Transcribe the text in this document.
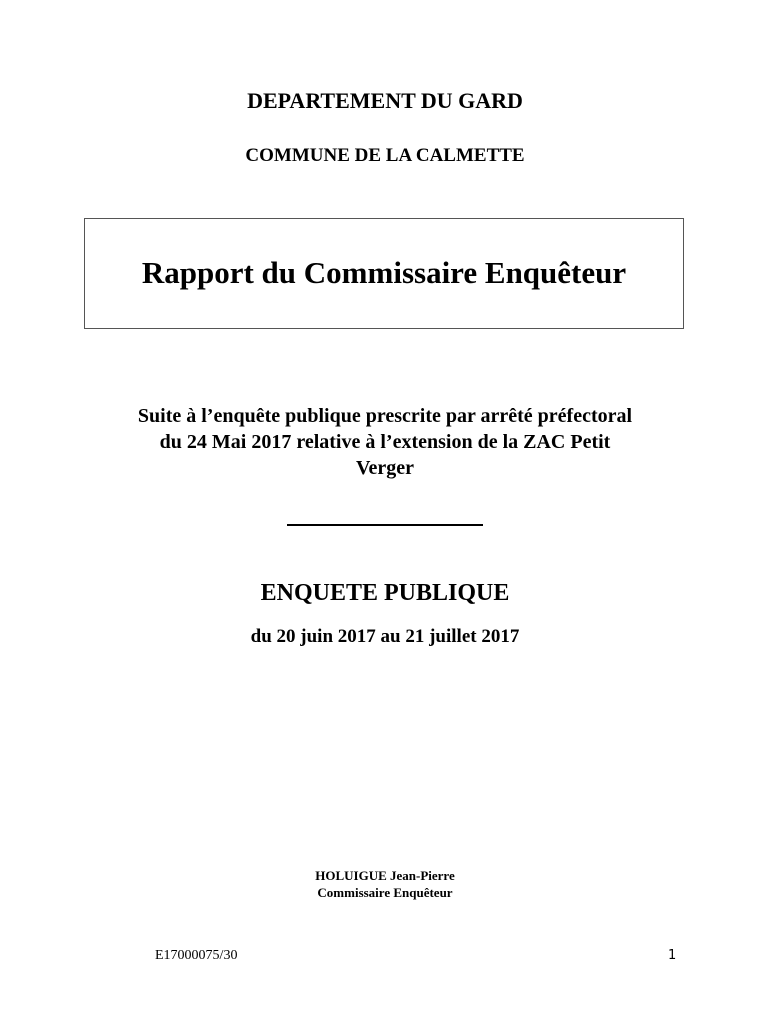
DEPARTEMENT DU GARD
COMMUNE DE LA CALMETTE
Rapport du Commissaire Enquêteur
Suite à l’enquête publique prescrite par arrêté préfectoral
du 24 Mai 2017 relative à l’extension de la ZAC Petit
Verger
ENQUETE PUBLIQUE
du 20 juin 2017 au 21 juillet 2017
HOLUIGUE Jean-Pierre
Commissaire Enquêteur
E17000075/30	1
